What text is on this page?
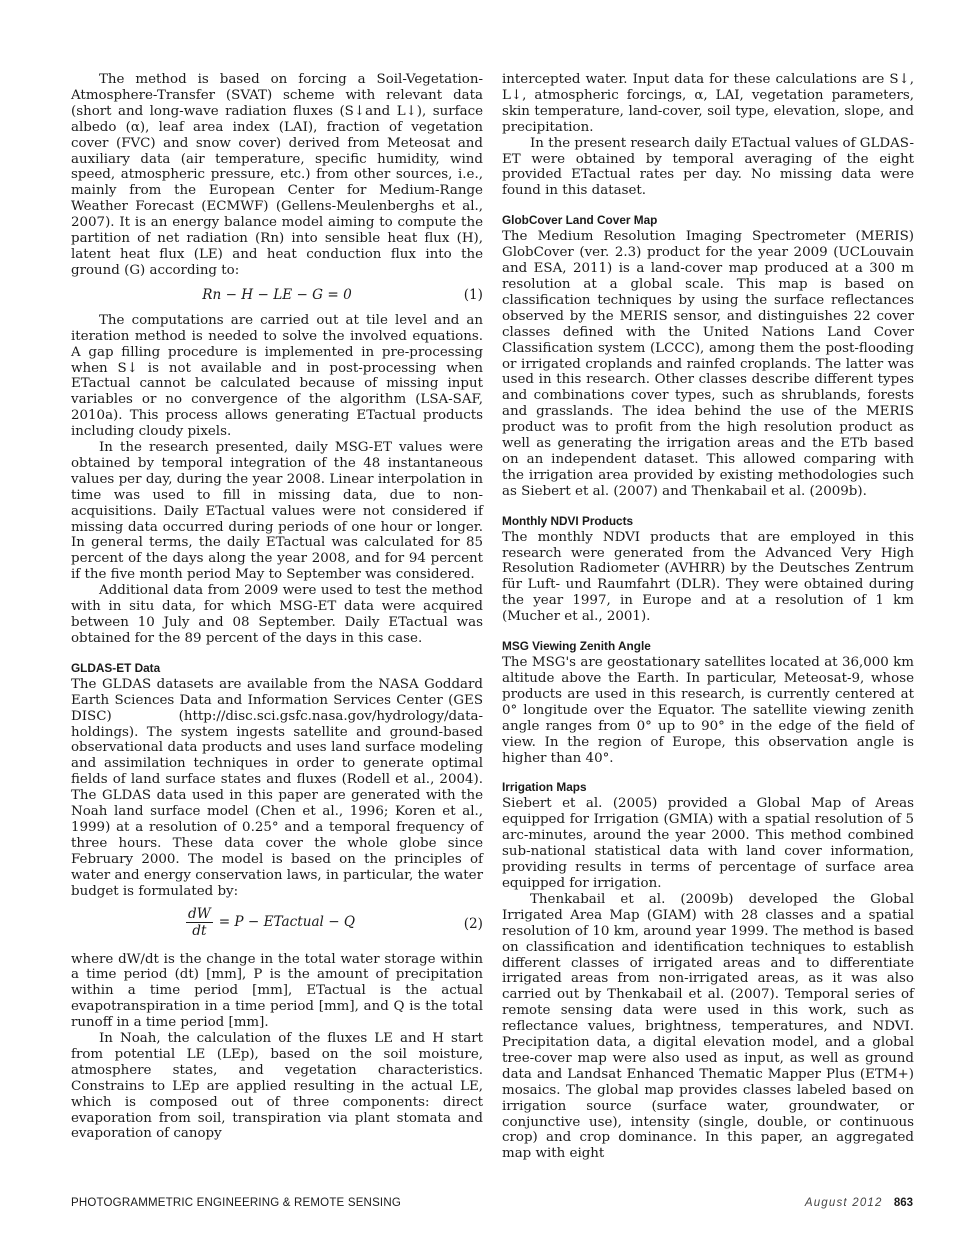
The method is based on forcing a Soil-Vegetation-Atmosphere-Transfer (SVAT) scheme with relevant data (short and long-wave radiation fluxes (S↓and L↓), surface albedo (α), leaf area index (LAI), fraction of vegetation cover (FVC) and snow cover) derived from Meteosat and auxiliary data (air temperature, specific humidity, wind speed, atmospheric pressure, etc.) from other sources, i.e., mainly from the European Center for Medium-Range Weather Forecast (ECMWF) (Gellens-Meulenberghs et al., 2007). It is an energy balance model aiming to compute the partition of net radiation (Rn) into sensible heat flux (H), latent heat flux (LE) and heat conduction flux into the ground (G) according to:

Rn − H − LE − G = 0	(1)

The computations are carried out at tile level and an iteration method is needed to solve the involved equations. A gap filling procedure is implemented in pre-processing when S↓ is not available and in post-processing when ETactual cannot be calculated because of missing input variables or no convergence of the algorithm (LSA-SAF, 2010a). This process allows generating ETactual products including cloudy pixels.

In the research presented, daily MSG-ET values were obtained by temporal integration of the 48 instantaneous values per day, during the year 2008. Linear interpolation in time was used to fill in missing data, due to non-acquisitions. Daily ETactual values were not considered if missing data occurred during periods of one hour or longer. In general terms, the daily ETactual was calculated for 85 percent of the days along the year 2008, and for 94 percent if the five month period May to September was considered.

Additional data from 2009 were used to test the method with in situ data, for which MSG-ET data were acquired between 10 July and 08 September. Daily ETactual was obtained for the 89 percent of the days in this case.

GLDAS-ET Data

The GLDAS datasets are available from the NASA Goddard Earth Sciences Data and Information Services Center (GES DISC) (http://disc.sci.gsfc.nasa.gov/hydrology/data-holdings). The system ingests satellite and ground-based observational data products and uses land surface modeling and assimilation techniques in order to generate optimal fields of land surface states and fluxes (Rodell et al., 2004). The GLDAS data used in this paper are generated with the Noah land surface model (Chen et al., 1996; Koren et al., 1999) at a resolution of 0.25° and a temporal frequency of three hours. These data cover the whole globe since February 2000. The model is based on the principles of water and energy conservation laws, in particular, the water budget is formulated by:

$\frac{dW}{dt} = P$ − ETactual − Q	(2)

where dW/dt is the change in the total water storage within a time period (dt) [mm], P is the amount of precipitation within a time period [mm], ETactual is the actual evapotranspiration in a time period [mm], and Q is the total runoff in a time period [mm].

In Noah, the calculation of the fluxes LE and H start from potential LE (LEp), based on the soil moisture, atmosphere states, and vegetation characteristics. Constrains to LEp are applied resulting in the actual LE, which is composed out of three components: direct evaporation from soil, transpiration via plant stomata and evaporation of canopy

intercepted water. Input data for these calculations are S↓, L↓, atmospheric forcings, α, LAI, vegetation parameters, skin temperature, land-cover, soil type, elevation, slope, and precipitation.

In the present research daily ETactual values of GLDAS-ET were obtained by temporal averaging of the eight provided ETactual rates per day. No missing data were found in this dataset.

GlobCover Land Cover Map

The Medium Resolution Imaging Spectrometer (MERIS) GlobCover (ver. 2.3) product for the year 2009 (UCLouvain and ESA, 2011) is a land-cover map produced at a 300 m resolution at a global scale. This map is based on classification techniques by using the surface reflectances observed by the MERIS sensor, and distinguishes 22 cover classes defined with the United Nations Land Cover Classification system (LCCC), among them the post-flooding or irrigated croplands and rainfed croplands. The latter was used in this research. Other classes describe different types and combinations cover types, such as shrublands, forests and grasslands. The idea behind the use of the MERIS product was to profit from the high resolution product as well as generating the irrigation areas and the ETb based on an independent dataset. This allowed comparing with the irrigation area provided by existing methodologies such as Siebert et al. (2007) and Thenkabail et al. (2009b).

Monthly NDVI Products

The monthly NDVI products that are employed in this research were generated from the Advanced Very High Resolution Radiometer (AVHRR) by the Deutsches Zentrum für Luft- und Raumfahrt (DLR). They were obtained during the year 1997, in Europe and at a resolution of 1 km (Mucher et al., 2001).

MSG Viewing Zenith Angle

The MSG's are geostationary satellites located at 36,000 km altitude above the Earth. In particular, Meteosat-9, whose products are used in this research, is currently centered at 0° longitude over the Equator. The satellite viewing zenith angle ranges from 0° up to 90° in the edge of the field of view. In the region of Europe, this observation angle is higher than 40°.

Irrigation Maps

Siebert et al. (2005) provided a Global Map of Areas equipped for Irrigation (GMIA) with a spatial resolution of 5 arc-minutes, around the year 2000. This method combined sub-national statistical data with land cover information, providing results in terms of percentage of surface area equipped for irrigation.

Thenkabail et al. (2009b) developed the Global Irrigated Area Map (GIAM) with 28 classes and a spatial resolution of 10 km, around year 1999. The method is based on classification and identification techniques to establish different classes of irrigated areas and to differentiate irrigated areas from non-irrigated areas, as it was also carried out by Thenkabail et al. (2007). Temporal series of remote sensing data were used in this work, such as reflectance values, brightness, temperatures, and NDVI. Precipitation data, a digital elevation model, and a global tree-cover map were also used as input, as well as ground data and Landsat Enhanced Thematic Mapper Plus (ETM+) mosaics. The global map provides classes labeled based on irrigation source (surface water, groundwater, or conjunctive use), intensity (single, double, or continuous crop) and crop dominance. In this paper, an aggregated map with eight

PHOTOGRAMMETRIC ENGINEERING & REMOTE SENSING	August 2012 863
